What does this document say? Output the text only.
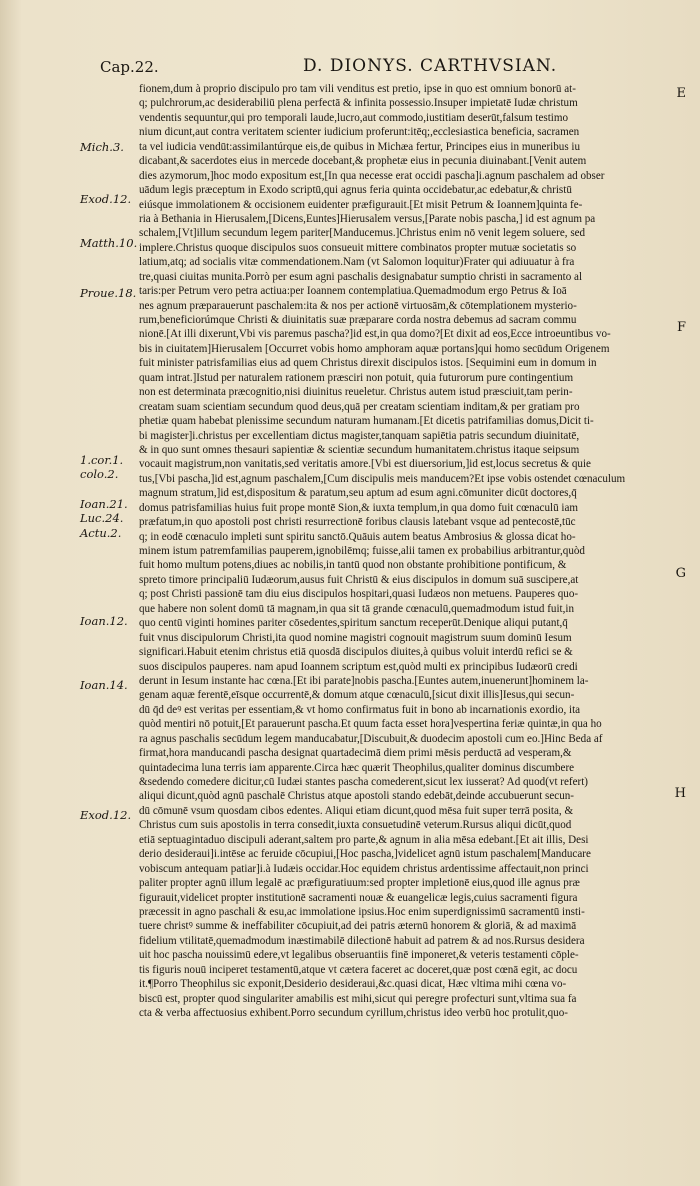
Cap.22.	D. DIONYS. CARTHVSIAN.
E
F
G
H
Mich.3.
Exod.12.
Matth.10.
Proue.18.
1.cor.1.
colo.2.
Ioan.21.
Luc.24.
Actu.2.
Ioan.12.
Ioan.14.
Exod.12.
fionem,dum à proprio discipulo pro tam vili venditus est pretio, ipse in quo est omnium bonorū at-
q; pulchrorum,ac desiderabiliū plena perfectā & infinita possessio.Insuper impietatē Iudæ christum
vendentis sequuntur,qui pro temporali laude,lucro,aut commodo,iustitiam deserūt,falsum testimo
nium dicunt,aut contra veritatem scienter iudicium proferunt:itēq;,ecclesiastica beneficia, sacramen
ta vel iudicia vendūt:assimilantúrque eis,de quibus in Michæa fertur, Principes eius in muneribus iu
dicabant,& sacerdotes eius in mercede docebant,& prophetæ eius in pecunia diuinabant.[Venit autem
dies azymorum,]hoc modo expositum est,[In qua necesse erat occidi pascha]i.agnum paschalem ad obser
uādum legis præceptum in Exodo scriptū,qui agnus feria quinta occidebatur,ac edebatur,& christū
eiúsque immolationem & occisionem euidenter præfigurauit.[Et misit Petrum & Ioannem]quinta fe-
ria à Bethania in Hierusalem,[Dicens,Euntes]Hierusalem versus,[Parate nobis pascha,] id est agnum pa
schalem,[Vt]illum secundum legem pariter[Manducemus.]Christus enim nō venit legem soluere, sed
implere.Christus quoque discipulos suos consueuit mittere combinatos propter mutuæ societatis so
latium,atq; ad socialis vitæ commendationem.Nam (vt Salomon loquitur)Frater qui adiuuatur à fra
tre,quasi ciuitas munita.Porrò per esum agni paschalis designabatur sumptio christi in sacramento al
taris:per Petrum vero petra actiua:per Ioannem contemplatiua.Quemadmodum ergo Petrus & Ioā
nes agnum præparauerunt paschalem:ita & nos per actionē virtuosām,& cōtemplationem mysterio-
rum,beneficiorúmque Christi & diuinitatis suæ præparare corda nostra debemus ad sacram commu
nionē.[At illi dixerunt,Vbi vis paremus pascha?]id est,in qua domo?[Et dixit ad eos,Ecce introeuntibus vo-
bis in ciuitatem]Hierusalem [Occurret vobis homo amphoram aquæ portans]qui homo secūdum Origenem
fuit minister patrisfamilias eius ad quem Christus direxit discipulos istos. [Sequimini eum in domum in
quam intrat.]Istud per naturalem rationem præsciri non potuit, quia futurorum pure contingentium
non est determinata præcognitio,nisi diuinitus reueletur. Christus autem istud præsciuit,tam perin-
creatam suam scientiam secundum quod deus,quā per creatam scientiam inditam,& per gratiam pro
phetiæ quam habebat plenissime secundum naturam humanam.[Et dicetis patrifamilias domus,Dicit ti-
bi magister]i.christus per excellentiam dictus magister,tanquam sapiētia patris secundum diuinitatē,
& in quo sunt omnes thesauri sapientiæ & scientiæ secundum humanitatem.christus itaque seipsum
vocauit magistrum,non vanitatis,sed veritatis amore.[Vbi est diuersorium,]id est,locus secretus & quie
tus,[Vbi pascha,]id est,agnum paschalem,[Cum discipulis meis manducem?Et ipse vobis ostendet cœnaculum
magnum stratum,]id est,dispositum & paratum,seu aptum ad esum agni.cōmuniter dicūt doctores,q̄
domus patrisfamilias huius fuit prope montē Sion,& iuxta templum,in qua domo fuit cœnaculū iam
præfatum,in quo apostoli post christi resurrectionē foribus clausis latebant vsque ad pentecostē,tūc
q; in eodē cœnaculo impleti sunt spiritu sanctō.Quāuis autem beatus Ambrosius & glossa dicat ho-
minem istum patremfamilias pauperem,ignobilēmq; fuisse,alii tamen ex probabilius arbitrantur,quòd
fuit homo multum potens,diues ac nobilis,in tantū quod non obstante prohibitione pontificum, &
spreto timore principaliū Iudæorum,ausus fuit Christū & eius discipulos in domum suā suscipere,at
q; post Christi passionē tam diu eius discipulos hospitari,quasi Iudæos non metuens. Pauperes quo-
que habere non solent domū tā magnam,in qua sit tā grande cœnaculū,quemadmodum istud fuit,in
quo centū viginti homines pariter cōsedentes,spiritum sanctum receperūt.Denique aliqui putant,q̄
fuit vnus discipulorum Christi,ita quod nomine magistri cognouit magistrum suum dominū Iesum
significari.Habuit etenim christus etiā quosdā discipulos diuites,à quibus voluit interdū refici se &
suos discipulos pauperes. nam apud Ioannem scriptum est,quòd multi ex principibus Iudæorū credi
derunt in Iesum instante hac cœna.[Et ibi parate]nobis pascha.[Euntes autem,inuenerunt]hominem la-
genam aquæ ferentē,eīsque occurrentē,& domum atque cœnaculū,[sicut dixit illis]Iesus,qui secun-
dū q̄d deꝰ est veritas per essentiam,& vt homo confirmatus fuit in bono ab incarnationis exordio, ita
quòd mentiri nō potuit,[Et parauerunt pascha.Et quum facta esset hora]vespertina feriæ quintæ,in qua ho
ra agnus paschalis secūdum legem manducabatur,[Discubuit,& duodecim apostoli cum eo.]Hinc Beda af
firmat,hora manducandi pascha designat quartadecimā diem primi mēsis perductā ad vesperam,&
quintadecima luna terris iam apparente.Circa hæc quærit Theophilus,qualiter dominus discumbere
&sedendo comedere dicitur,cū Iudæi stantes pascha comederent,sicut lex iusserat? Ad quod(vt refert)
aliqui dicunt,quòd agnū paschalē Christus atque apostoli stando edebāt,deinde accubuerunt secun-
dū cōmunē vsum quosdam cibos edentes. Aliqui etiam dicunt,quod mēsa fuit super terrā posita, &
Christus cum suis apostolis in terra consedit,iuxta consuetudinē veterum.Rursus aliqui dicūt,quod
etiā septuagintaduo discipuli aderant,saltem pro parte,& agnum in alia mēsa edebant.[Et ait illis, Desi
derio desideraui]i.intēse ac feruide cōcupiui,[Hoc pascha,]videlicet agnū istum paschalem[Manducare
vobiscum antequam patiar]i.à Iudæis occidar.Hoc equidem christus ardentissime affectauit,non princi
paliter propter agnū illum legalē ac præfiguratiuum:sed propter impletionē eius,quod ille agnus præ
figurauit,videlicet propter institutionē sacramenti nouæ & euangelicæ legis,cuius sacramenti figura
præcessit in agno paschali & esu,ac immolatione ipsius.Hoc enim superdignissimū sacramentū insti-
tuere christꝰ summe & ineffabiliter cōcupiuit,ad dei patris æternū honorem & gloriā, & ad maximā
fidelium vtilitatē,quemadmodum inæstimabilē dilectionē habuit ad patrem & ad nos.Rursus desidera
uit hoc pascha nouissimū edere,vt legalibus obseruantiis finē imponeret,& veteris testamenti cōple-
tis figuris nouū inciperet testamentū,atque vt cætera faceret ac doceret,quæ post cœnā egit, ac docu
it.¶Porro Theophilus sic exponit,Desiderio desideraui,&c.quasi dicat, Hæc vltima mihi cœna vo-
biscū est, propter quod singulariter amabilis est mihi,sicut qui peregre profecturi sunt,vltima sua fa
cta & verba affectuosius exhibent.Porro secundum cyrillum,christus ideo verbū hoc protulit,quo-
